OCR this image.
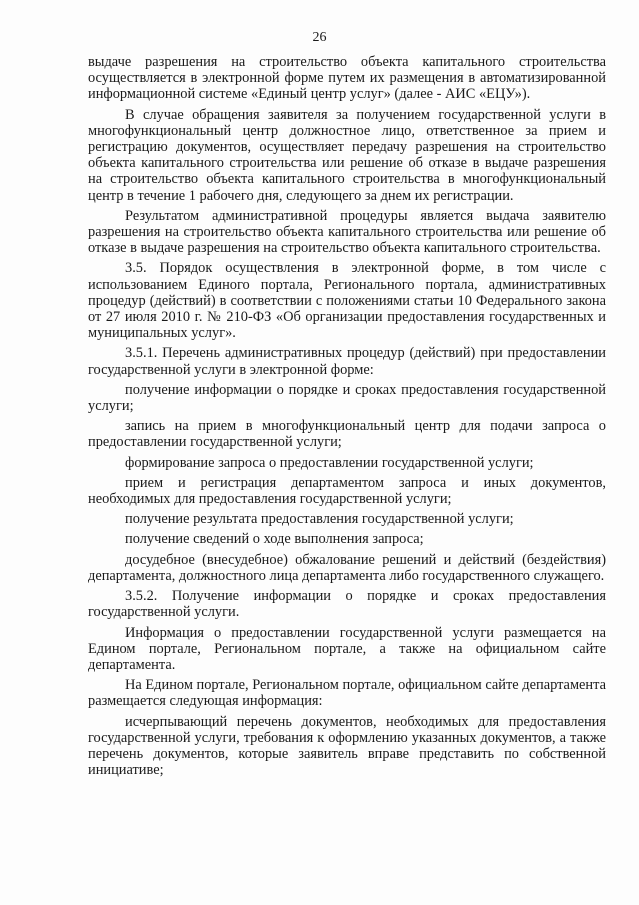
26

выдаче разрешения на строительство объекта капитального строительства осуществляется в электронной форме путем их размещения в автоматизированной информационной системе «Единый центр услуг» (далее - АИС «ЕЦУ»).

В случае обращения заявителя за получением государственной услуги в многофункциональный центр должностное лицо, ответственное за прием и регистрацию документов, осуществляет передачу разрешения на строительство объекта капитального строительства или решение об отказе в выдаче разрешения на строительство объекта капитального строительства в многофункциональный центр в течение 1 рабочего дня, следующего за днем их регистрации.

Результатом административной процедуры является выдача заявителю разрешения на строительство объекта капитального строительства или решение об отказе в выдаче разрешения на строительство объекта капитального строительства.

3.5. Порядок осуществления в электронной форме, в том числе с использованием Единого портала, Регионального портала, административных процедур (действий) в соответствии с положениями статьи 10 Федерального закона от 27 июля 2010 г. № 210-ФЗ «Об организации предоставления государственных и муниципальных услуг».

3.5.1. Перечень административных процедур (действий) при предоставлении государственной услуги в электронной форме:

получение информации о порядке и сроках предоставления государственной услуги;

запись на прием в многофункциональный центр для подачи запроса о предоставлении государственной услуги;

формирование запроса о предоставлении государственной услуги;

прием и регистрация департаментом запроса и иных документов, необходимых для предоставления государственной услуги;

получение результата предоставления государственной услуги;

получение сведений о ходе выполнения запроса;

досудебное (внесудебное) обжалование решений и действий (бездействия) департамента, должностного лица департамента либо государственного служащего.

3.5.2. Получение информации о порядке и сроках предоставления государственной услуги.

Информация о предоставлении государственной услуги размещается на Едином портале, Региональном портале, а также на официальном сайте департамента.

На Едином портале, Региональном портале, официальном сайте департамента размещается следующая информация:

исчерпывающий перечень документов, необходимых для предоставления государственной услуги, требования к оформлению указанных документов, а также перечень документов, которые заявитель вправе представить по собственной инициативе;
